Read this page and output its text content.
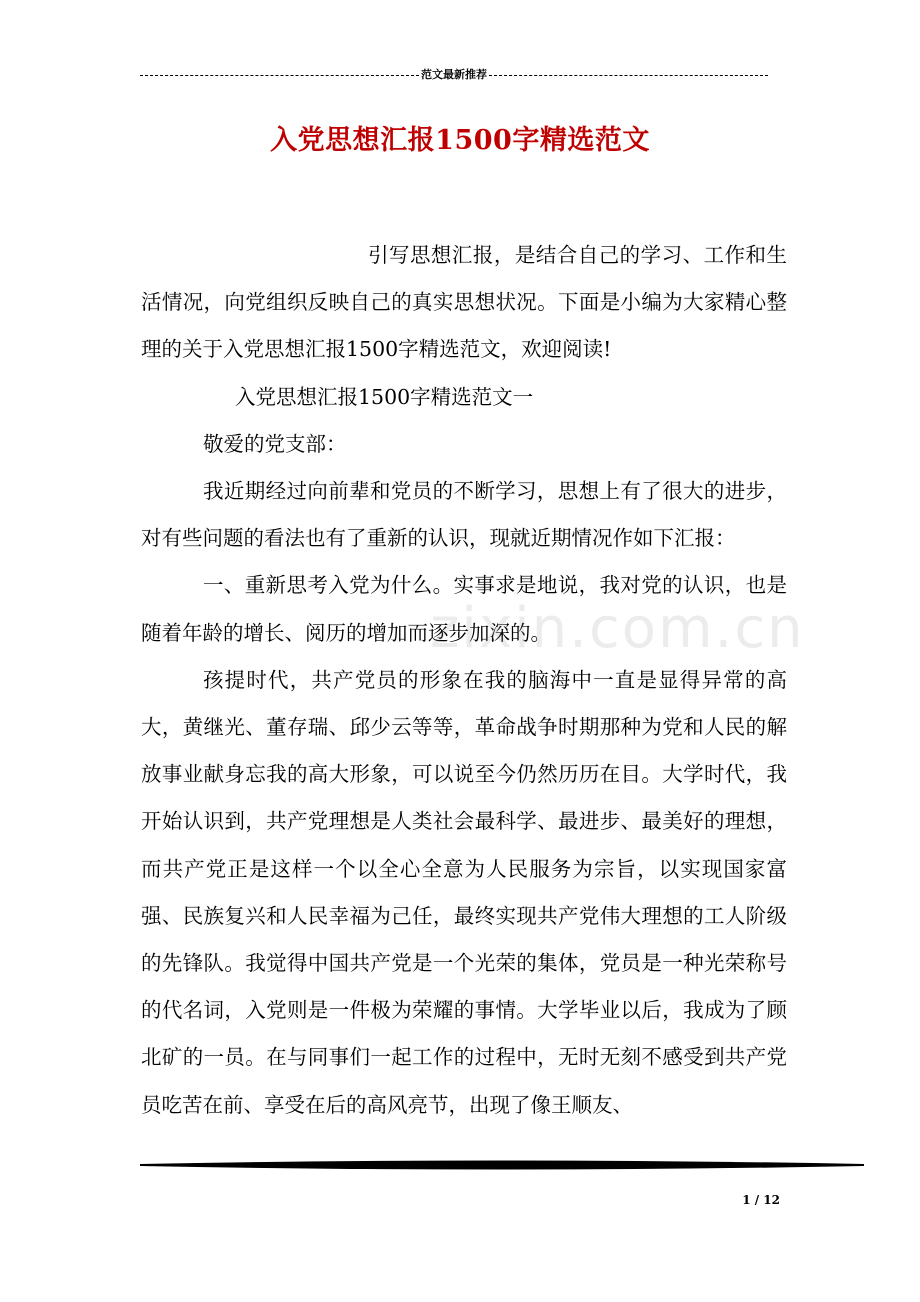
范文最新推荐
入党思想汇报1500字精选范文

引写思想汇报，是结合自己的学习、工作和生活情况，向党组织反映自己的真实思想状况。下面是小编为大家精心整理的关于入党思想汇报1500字精选范文，欢迎阅读!

入党思想汇报1500字精选范文一

敬爱的党支部：

我近期经过向前辈和党员的不断学习，思想上有了很大的进步，对有些问题的看法也有了重新的认识，现就近期情况作如下汇报：

一、重新思考入党为什么。实事求是地说，我对党的认识，也是随着年龄的增长、阅历的增加而逐步加深的。

孩提时代，共产党员的形象在我的脑海中一直是显得异常的高大，黄继光、董存瑞、邱少云等等，革命战争时期那种为党和人民的解放事业献身忘我的高大形象，可以说至今仍然历历在目。大学时代，我开始认识到，共产党理想是人类社会最科学、最进步、最美好的理想，而共产党正是这样一个以全心全意为人民服务为宗旨，以实现国家富强、民族复兴和人民幸福为己任，最终实现共产党伟大理想的工人阶级的先锋队。我觉得中国共产党是一个光荣的集体，党员是一种光荣称号的代名词，入党则是一件极为荣耀的事情。大学毕业以后，我成为了顾北矿的一员。在与同事们一起工作的过程中，无时无刻不感受到共产党员吃苦在前、享受在后的高风亮节，出现了像王顺友、

zixin.com.cn
1 / 12
